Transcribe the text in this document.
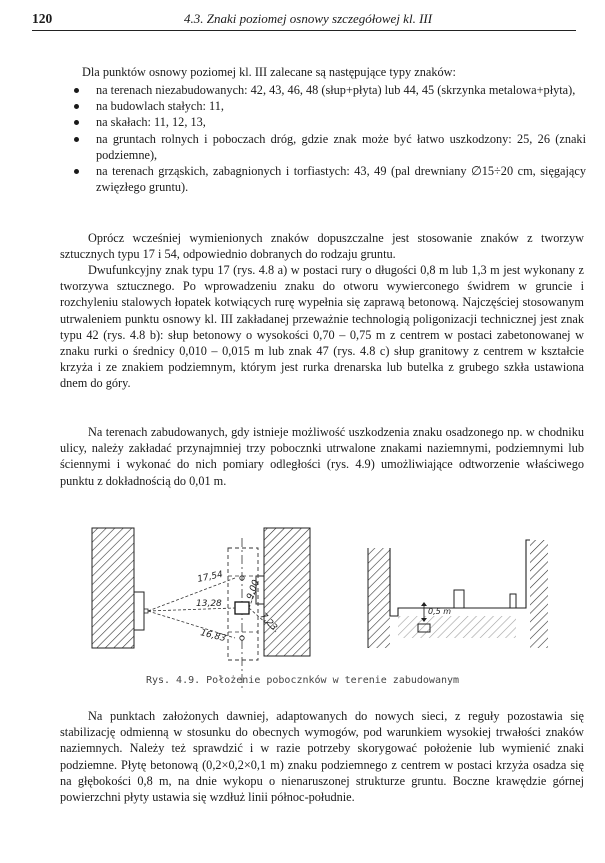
120	4.3. Znaki poziomej osnowy szczegółowej kl. III
Dla punktów osnowy poziomej kl. III zalecane są następujące typy znaków:
na terenach niezabudowanych: 42, 43, 46, 48 (słup+płyta) lub 44, 45 (skrzynka metalowa+płyta),
na budowlach stałych: 11,
na skałach: 11, 12, 13,
na gruntach rolnych i poboczach dróg, gdzie znak może być łatwo uszkodzony: 25, 26 (znaki podziemne),
na terenach grząskich, zabagnionych i torfiastych: 43, 49 (pal drewniany ∅15÷20 cm, sięgający zwięzłego gruntu).
Oprócz wcześniej wymienionych znaków dopuszczalne jest stosowanie znaków z tworzyw sztucznych typu 17 i 54, odpowiednio dobranych do rodzaju gruntu.
Dwufunkcyjny znak typu 17 (rys. 4.8 a) w postaci rury o długości 0,8 m lub 1,3 m jest wykonany z tworzywa sztucznego. Po wprowadzeniu znaku do otworu wywierconego świdrem w gruncie i rozchyleniu stalowych łopatek kotwiących rurę wypełnia się zaprawą betonową. Najczęściej stosowanym utrwaleniem punktu osnowy kl. III zakładanej przeważnie technologią poligonizacji technicznej jest znak typu 42 (rys. 4.8 b): słup betonowy o wysokości 0,70 – 0,75 m z centrem w postaci zabetonowanej w znaku rurki o średnicy 0,010 – 0,015 m lub znak 47 (rys. 4.8 c) słup granitowy z centrem w kształcie krzyża i ze znakiem podziemnym, którym jest rurka drenarska lub butelka z grubego szkła ustawiona dnem do góry.
Na terenach zabudowanych, gdy istnieje możliwość uszkodzenia znaku osadzonego np. w chodniku ulicy, należy zakładać przynajmniej trzy pobocznki utrwalone znakami naziemnymi, podziemnymi lub ściennymi i wykonać do nich pomiary odległości (rys. 4.9) umożliwiające odtworzenie właściwego punktu z dokładnością do 0,01 m.
17,54
13,28
16,83
9,00
7,23	0,5 m
Rys. 4.9. Położenie pobocznków w terenie zabudowanym
Na punktach założonych dawniej, adaptowanych do nowych sieci, z reguły pozostawia się stabilizację odmienną w stosunku do obecnych wymogów, pod warunkiem wysokiej trwałości znaków naziemnych. Należy też sprawdzić i w razie potrzeby skorygować położenie lub wymienić znaki podziemne. Płytę betonową (0,2×0,2×0,1 m) znaku podziemnego z centrem w postaci krzyża osadza się na głębokości 0,8 m, na dnie wykopu o nienaruszonej strukturze gruntu. Boczne krawędzie górnej powierzchni płyty ustawia się wzdłuż linii północ-południe.
